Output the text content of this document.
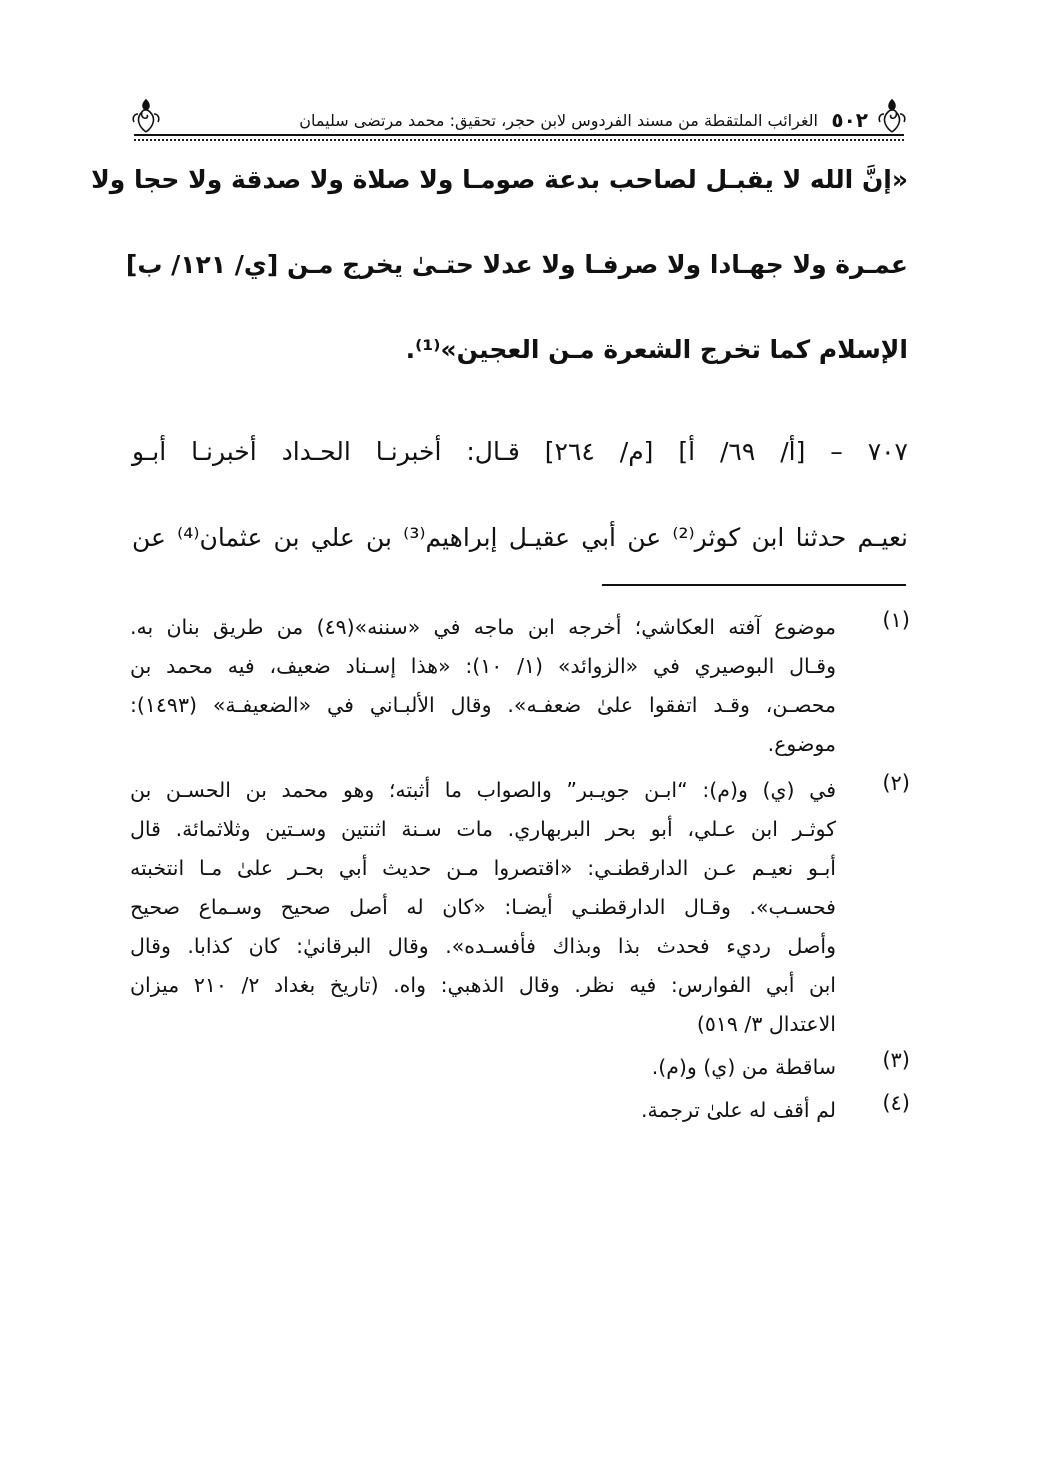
٥٠٢
الغرائب الملتقطة من مسند الفردوس لابن حجر، تحقيق: محمد مرتضى سليمان
«إنَّ الله لا يقبـل لصاحب بدعة صومـا ولا صلاة ولا صدقة ولا حجا ولا
عمـرة ولا جهـادا ولا صرفـا ولا عدلا حتـىٰ يخرج مـن [ي/ ١٢١/ ب]
الإسلام كما تخرج الشعرة مـن العجين»⁽¹⁾.
٧٠٧ – [أ/ ٦٩/ أ] [م/ ٢٦٤] قـال: أخبرنـا الحـداد أخبرنـا أبـو
نعيـم حدثنا ابن كوثر⁽²⁾ عن أبي عقيـل إبراهيم⁽³⁾ بن علي بن عثمان⁽⁴⁾ عن
(١)
موضوع آفته العكاشي؛ أخرجه ابن ماجه في «سننه»(٤٩) من طريق بنان به.
وقـال البوصيري في «الزوائد» (١/ ١٠): «هذا إسـناد ضعيف، فيه محمد بن
محصـن، وقـد اتفقوا علىٰ ضعفـه». وقال الألبـاني في «الضعيفـة» (١٤٩٣):
موضوع.
(٢)
في (ي) و(م): “ابـن جويـبر” والصواب ما أثبته؛ وهو محمد بن الحسـن بن
كوثـر ابن عـلي، أبو بحر البربهاري. مات سـنة اثنتين وسـتين وثلاثمائة. قال
أبـو نعيـم عـن الدارقطنـي: «اقتصروا مـن حديث أبي بحـر علىٰ مـا انتخبته
فحسـب». وقـال الدارقطنـي أيضـا: «كان له أصل صحيح وسـماع صحيح
وأصل رديء فحدث بذا وبذاك فأفسـده». وقال البرقانيٰ: كان كذابا. وقال
ابن أبي الفوارس: فيه نظر. وقال الذهبي: واه. (تاريخ بغداد ٢/ ٢١٠ ميزان
الاعتدال ٣/ ٥١٩)
(٣)
ساقطة من (ي) و(م).
(٤)
لم أقف له علىٰ ترجمة.
